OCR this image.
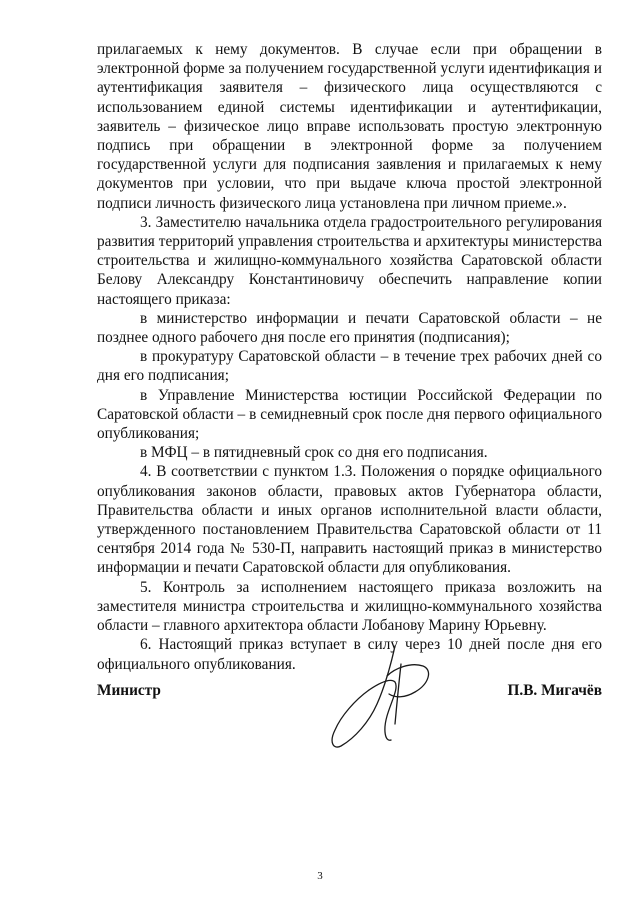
прилагаемых к нему документов. В случае если при обращении в электронной форме за получением государственной услуги идентификация и аутентификация заявителя – физического лица осуществляются с использованием единой системы идентификации и аутентификации, заявитель – физическое лицо вправе использовать простую электронную подпись при обращении в электронной форме за получением государственной услуги для подписания заявления и прилагаемых к нему документов при условии, что при выдаче ключа простой электронной подписи личность физического лица установлена при личном приеме.».

3. Заместителю начальника отдела градостроительного регулирования развития территорий управления строительства и архитектуры министерства строительства и жилищно-коммунального хозяйства Саратовской области Белову Александру Константиновичу обеспечить направление копии настоящего приказа:

в министерство информации и печати Саратовской области – не позднее одного рабочего дня после его принятия (подписания);

в прокуратуру Саратовской области – в течение трех рабочих дней со дня его подписания;

в Управление Министерства юстиции Российской Федерации по Саратовской области – в семидневный срок после дня первого официального опубликования;

в МФЦ – в пятидневный срок со дня его подписания.

4. В соответствии с пунктом 1.3. Положения о порядке официального опубликования законов области, правовых актов Губернатора области, Правительства области и иных органов исполнительной власти области, утвержденного постановлением Правительства Саратовской области от 11 сентября 2014 года № 530-П, направить настоящий приказ в министерство информации и печати Саратовской области для опубликования.

5. Контроль за исполнением настоящего приказа возложить на заместителя министра строительства и жилищно-коммунального хозяйства области – главного архитектора области Лобанову Марину Юрьевну.

6. Настоящий приказ вступает в силу через 10 дней после дня его официального опубликования.

Министр	П.В. Мигачёв
3
